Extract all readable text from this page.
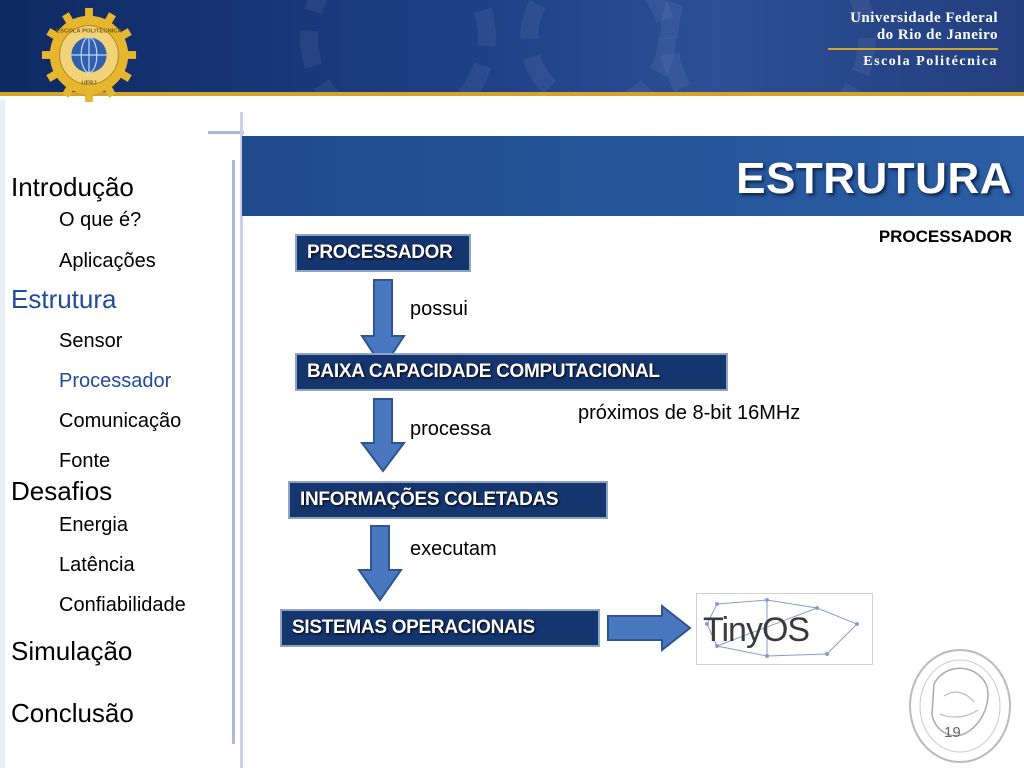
ESCOLA POLITÉCNICA
UFRJ
Universidade Federal
do Rio de Janeiro
Escola Politécnica
ESTRUTURA
PROCESSADOR
Introdução
O que é?
Aplicações
Estrutura
Sensor
Processador
Comunicação
Fonte
Desafios
Energia
Latência
Confiabilidade
Simulação
Conclusão
PROCESSADOR
possui
BAIXA CAPACIDADE COMPUTACIONAL
processa
próximos de 8-bit 16MHz
INFORMAÇÕES COLETADAS
executam
SISTEMAS OPERACIONAIS	TinyOS
19
